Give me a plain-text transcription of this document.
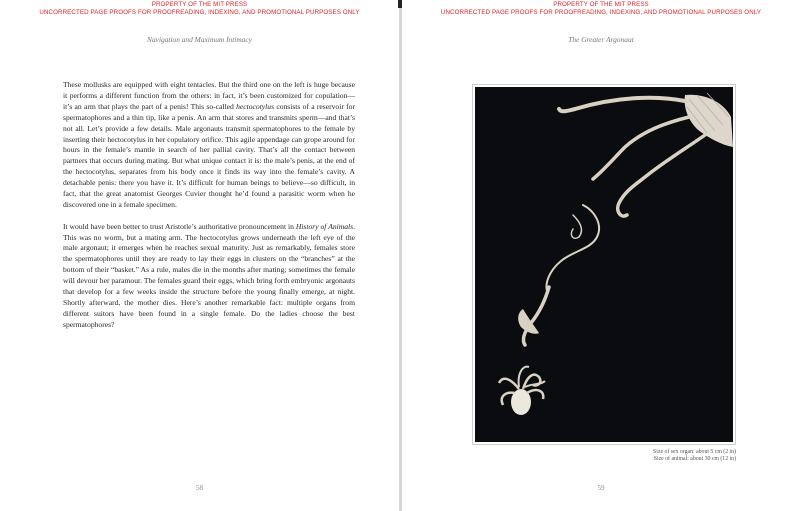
PROPERTY OF THE MIT PRESS
UNCORRECTED PAGE PROOFS FOR PROOFREADING, INDEXING, AND PROMOTIONAL PURPOSES ONLY
Navigation and Maximum Intimacy

These mollusks are equipped with eight tentacles. But the third one on the left is huge because it performs a different function from the others: in fact, it’s been customized for copulation—it’s an arm that plays the part of a penis! This so-called hectocotylus consists of a reservoir for spermatophores and a thin tip, like a penis. An arm that stores and transmits sperm—and that’s not all. Let’s provide a few details. Male argonauts transmit spermatophores to the female by inserting their hectocotylus in her copulatory orifice. This agile appendage can grope around for hours in the female’s mantle in search of her pallial cavity. That’s all the contact between partners that occurs during mating. But what unique contact it is: the male’s penis, at the end of the hectocotylus, separates from his body once it finds its way into the female’s cavity. A detachable penis: there you have it. It’s difficult for human beings to believe—so difficult, in fact, that the great anatomist Georges Cuvier thought he’d found a parasitic worm when he discovered one in a female specimen.

It would have been better to trust Aristotle’s authoritative pronouncement in History of Animals. This was no worm, but a mating arm. The hectocotylus grows underneath the left eye of the male argonaut; it emerges when he reaches sexual maturity. Just as remarkably, females store the spermatophores until they are ready to lay their eggs in clusters on the “branches” at the bottom of their “basket.” As a rule, males die in the months after mating; sometimes the female will devour her paramour. The females guard their eggs, which bring forth embryonic argonauts that develop for a few weeks inside the structure before the young finally emerge, at night. Shortly afterward, the mother dies. Here’s another remarkable fact: multiple organs from different suitors have been found in a single female. Do the ladies choose the best spermatophores?

58
PROPERTY OF THE MIT PRESS
UNCORRECTED PAGE PROOFS FOR PROOFREADING, INDEXING, AND PROMOTIONAL PURPOSES ONLY
The Greater Argonaut
Size of sex organ: about 5 cm (2 in)
Size of animal: about 30 cm (12 in)
59
